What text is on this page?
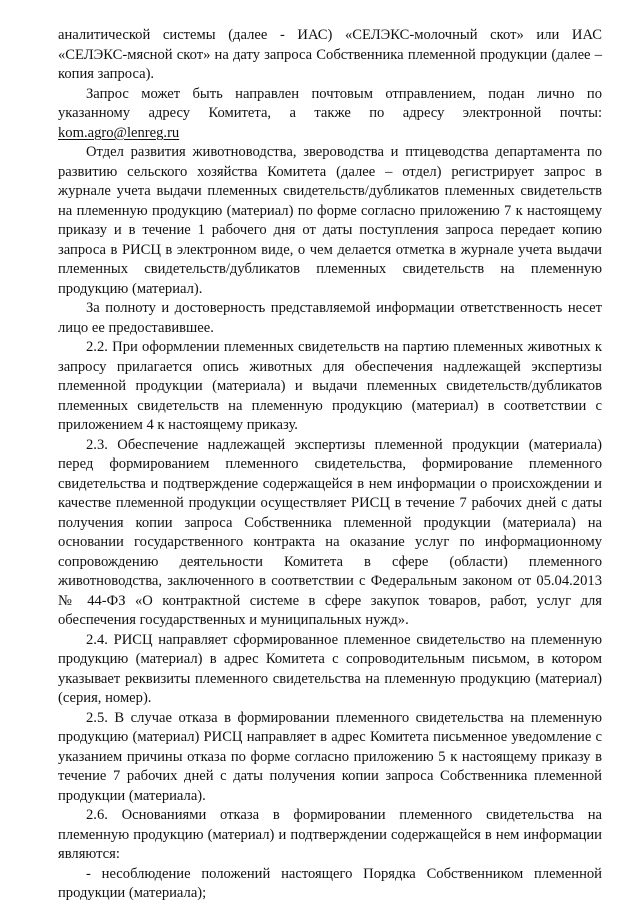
аналитической системы (далее - ИАС) «СЕЛЭКС-молочный скот» или ИАС «СЕЛЭКС-мясной скот» на дату запроса Собственника племенной продукции (далее – копия запроса).

Запрос может быть направлен почтовым отправлением, подан лично по указанному адресу Комитета, а также по адресу электронной почты: kom.agro@lenreg.ru

Отдел развития животноводства, звероводства и птицеводства департамента по развитию сельского хозяйства Комитета (далее – отдел) регистрирует запрос в журнале учета выдачи племенных свидетельств/дубликатов племенных свидетельств на племенную продукцию (материал) по форме согласно приложению 7 к настоящему приказу и в течение 1 рабочего дня от даты поступления запроса передает копию запроса в РИСЦ в электронном виде, о чем делается отметка в журнале учета выдачи племенных свидетельств/дубликатов племенных свидетельств на племенную продукцию (материал).

За полноту и достоверность представляемой информации ответственность несет лицо ее предоставившее.

2.2. При оформлении племенных свидетельств на партию племенных животных к запросу прилагается опись животных для обеспечения надлежащей экспертизы племенной продукции (материала) и выдачи племенных свидетельств/дубликатов племенных свидетельств на племенную продукцию (материал) в соответствии с приложением 4 к настоящему приказу.

2.3. Обеспечение надлежащей экспертизы племенной продукции (материала) перед формированием племенного свидетельства, формирование племенного свидетельства и подтверждение содержащейся в нем информации о происхождении и качестве племенной продукции осуществляет РИСЦ в течение 7 рабочих дней с даты получения копии запроса Собственника племенной продукции (материала) на основании государственного контракта на оказание услуг по информационному сопровождению деятельности Комитета в сфере (области) племенного животноводства, заключенного в соответствии с Федеральным законом от 05.04.2013 № 44-ФЗ «О контрактной системе в сфере закупок товаров, работ, услуг для обеспечения государственных и муниципальных нужд».

2.4. РИСЦ направляет сформированное племенное свидетельство на племенную продукцию (материал) в адрес Комитета с сопроводительным письмом, в котором указывает реквизиты племенного свидетельства на племенную продукцию (материал) (серия, номер).

2.5. В случае отказа в формировании племенного свидетельства на племенную продукцию (материал) РИСЦ направляет в адрес Комитета письменное уведомление с указанием причины отказа по форме согласно приложению 5 к настоящему приказу в течение 7 рабочих дней с даты получения копии запроса Собственника племенной продукции (материала).

2.6. Основаниями отказа в формировании племенного свидетельства на племенную продукцию (материал) и подтверждении содержащейся в нем информации являются:

- несоблюдение положений настоящего Порядка Собственником племенной продукции (материала);
